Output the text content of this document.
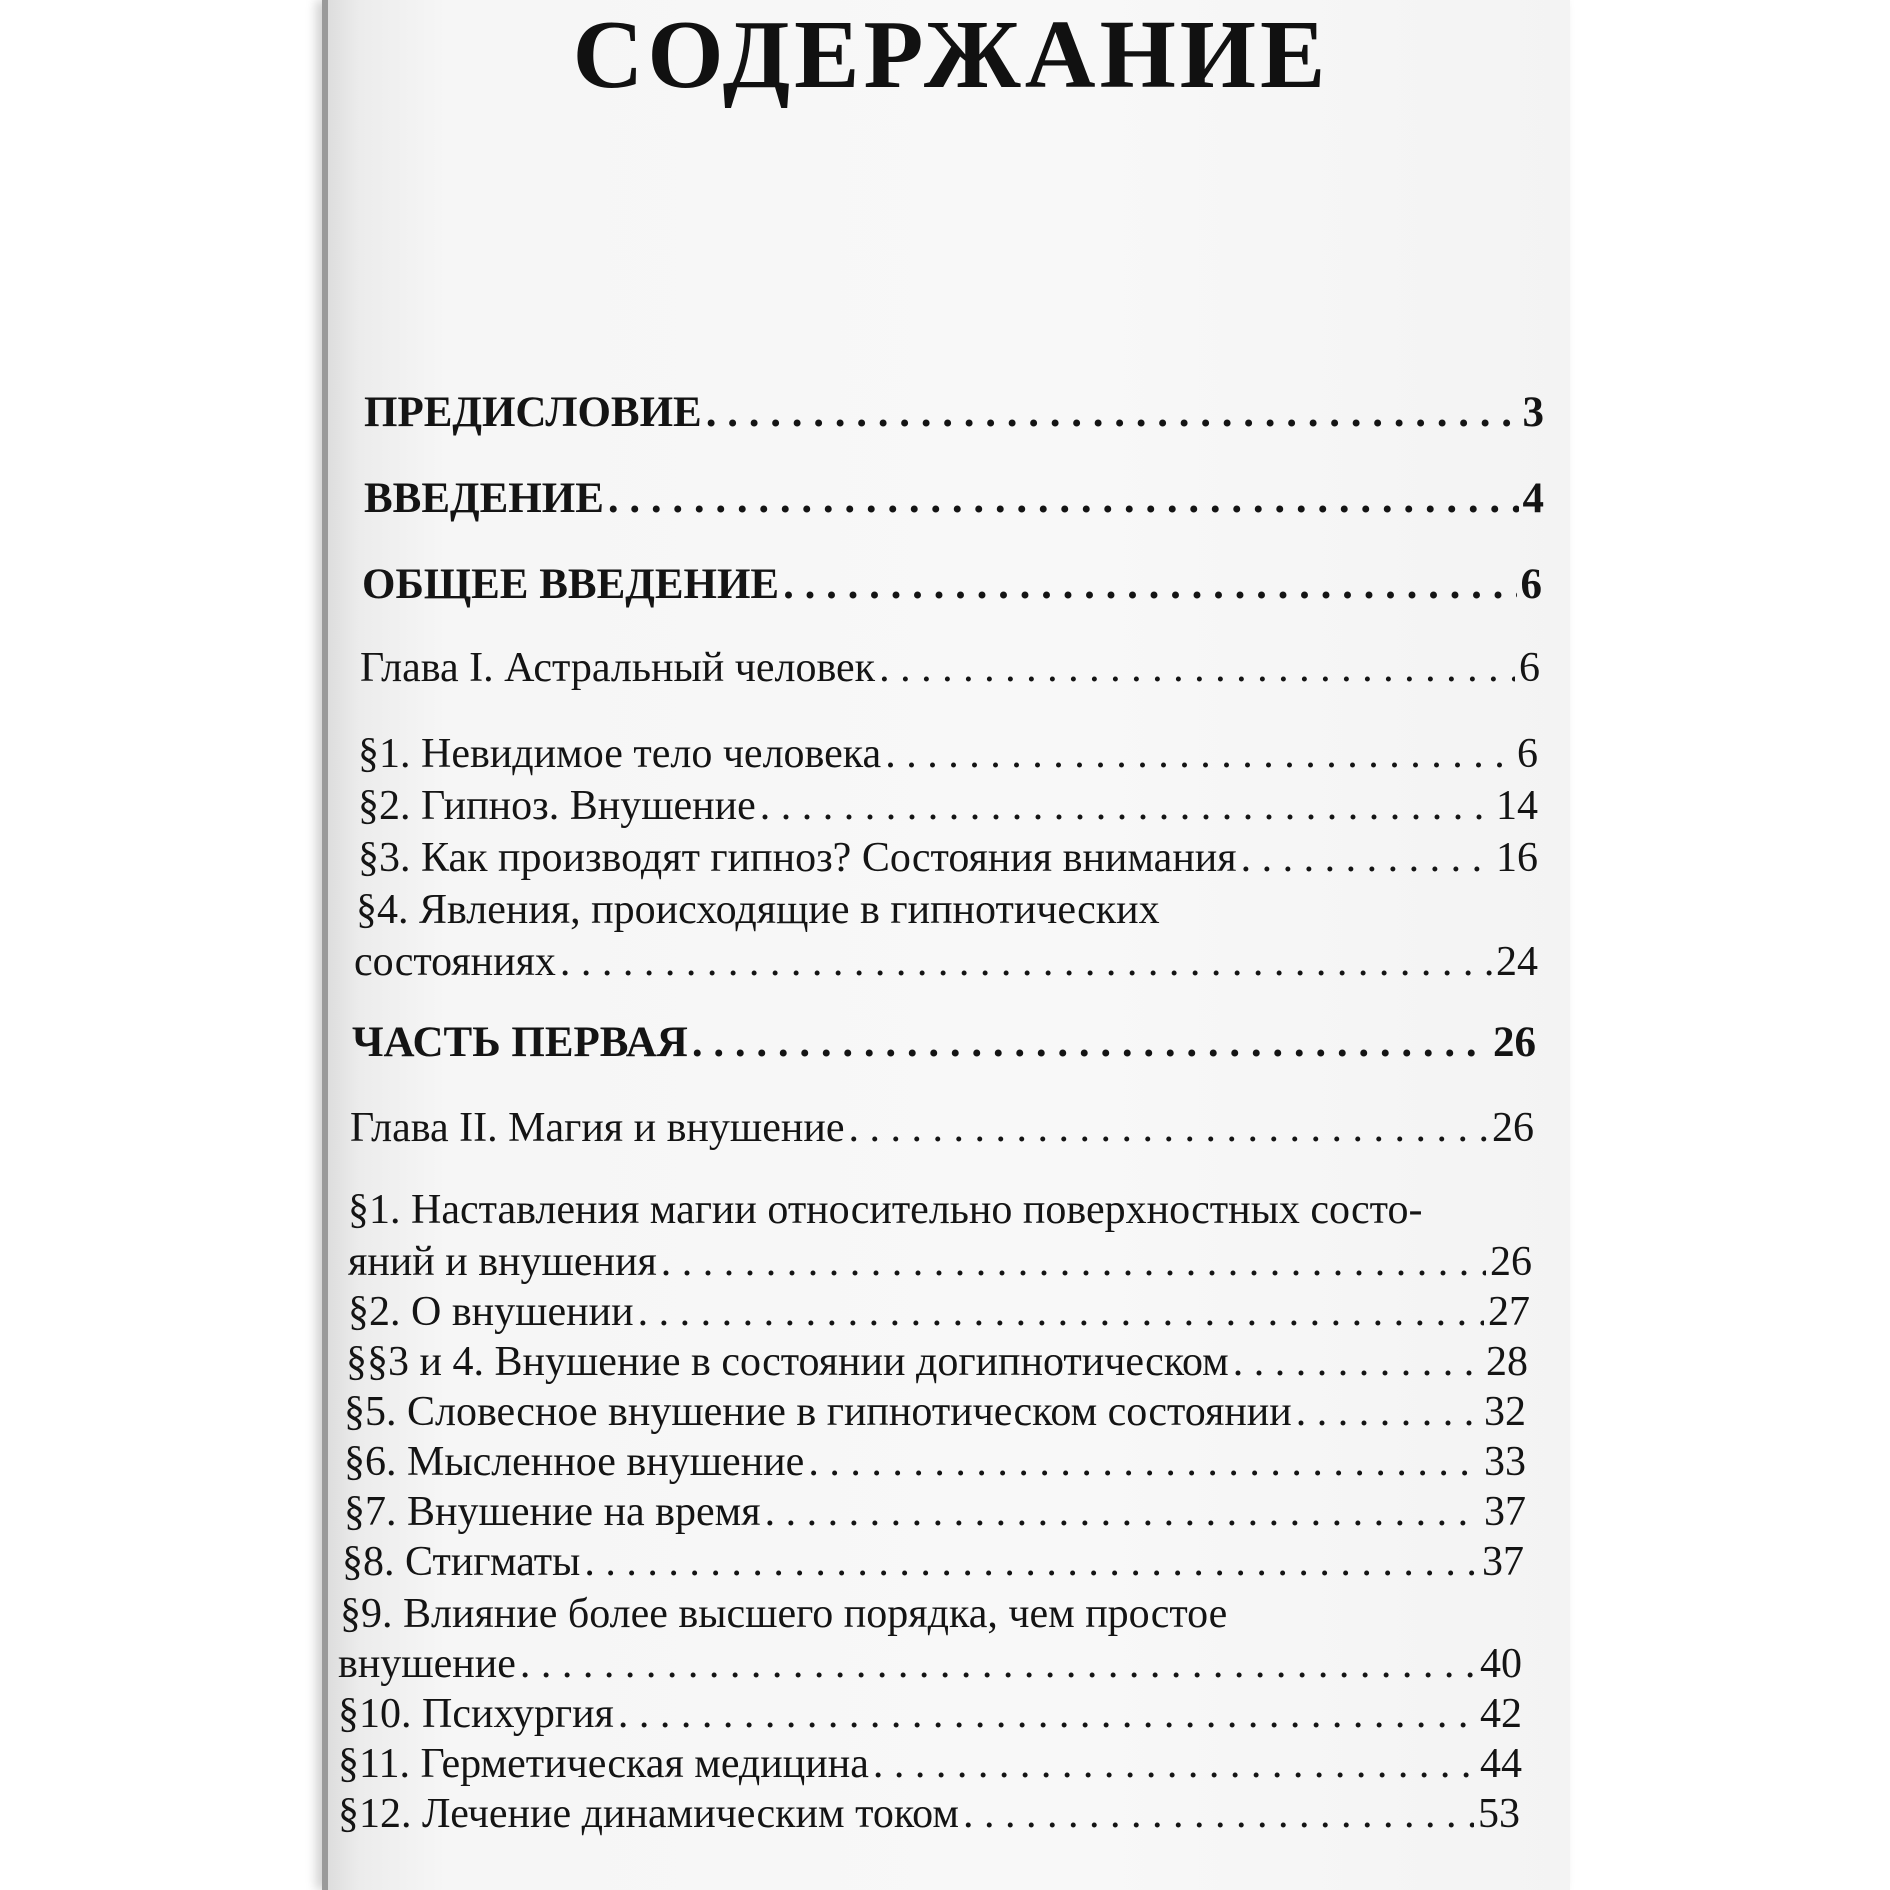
СОДЕРЖАНИЕ
ПРЕДИСЛОВИЕ . . .	3
ВВЕДЕНИЕ . . .	4
ОБЩЕЕ ВВЕДЕНИЕ . . .	6
Глава I. Астральный человек . . .	6
§1. Невидимое тело человека . . .	6
§2. Гипноз. Внушение . . .	14
§3. Как производят гипноз? Состояния внимания . . .	16
§4. Явления, происходящие в гипнотических
состояниях . . .	24
ЧАСТЬ ПЕРВАЯ . . .	26
Глава II. Магия и внушение . . .	26
§1. Наставления магии относительно поверхностных состо-
яний и внушения . . .	26
§2. О внушении . . .	27
§§3 и 4. Внушение в состоянии догипнотическом . . .	28
§5. Словесное внушение в гипнотическом состоянии . . .	32
§6. Мысленное внушение . . .	33
§7. Внушение на время . . .	37
§8. Стигматы . . .	37
§9. Влияние более высшего порядка, чем простое
внушение . . .	40
§10. Психургия . . .	42
§11. Герметическая медицина . . .	44
§12. Лечение динамическим током . . .	53
